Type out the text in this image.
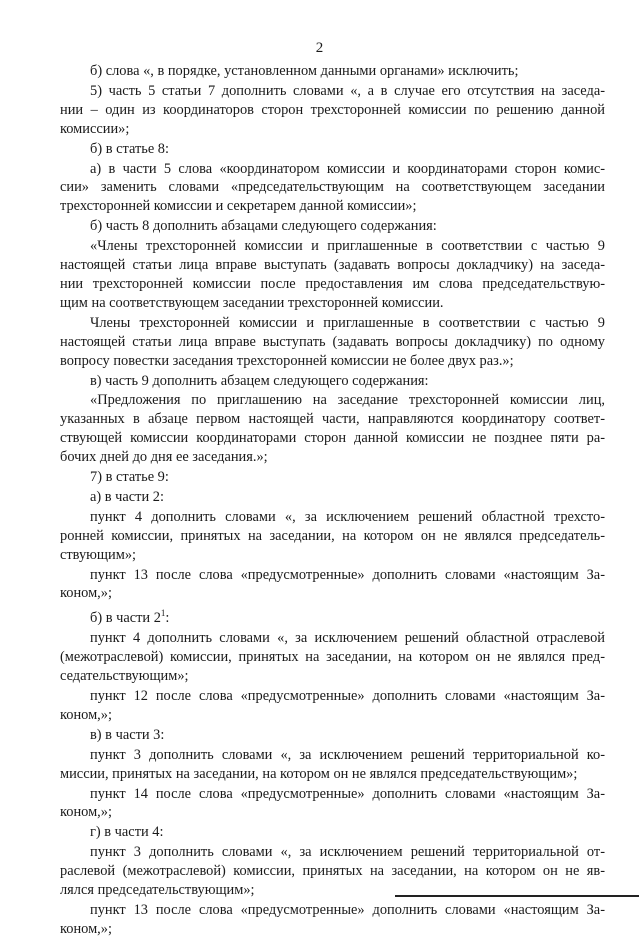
2
б) слова «, в порядке, установленном данными органами» исключить;
5) часть 5 статьи 7 дополнить словами «, а в случае его отсутствия на заседа-
нии – один из координаторов сторон трехсторонней комиссии по решению данной
комиссии»;
б) в статье 8:
а) в части 5 слова «координатором комиссии и координаторами сторон комис-
сии» заменить словами «председательствующим на соответствующем заседании
трехсторонней комиссии и секретарем данной комиссии»;
б) часть 8 дополнить абзацами следующего содержания:
«Члены трехсторонней комиссии и приглашенные в соответствии с частью 9
настоящей статьи лица вправе выступать (задавать вопросы докладчику) на заседа-
нии трехсторонней комиссии после предоставления им слова председательствую-
щим на соответствующем заседании трехсторонней комиссии.
Члены трехсторонней комиссии и приглашенные в соответствии с частью 9
настоящей статьи лица вправе выступать (задавать вопросы докладчику) по одному
вопросу повестки заседания трехсторонней комиссии не более двух раз.»;
в) часть 9 дополнить абзацем следующего содержания:
«Предложения по приглашению на заседание трехсторонней комиссии лиц,
указанных в абзаце первом настоящей части, направляются координатору соответ-
ствующей комиссии координаторами сторон данной комиссии не позднее пяти ра-
бочих дней до дня ее заседания.»;
7) в статье 9:
а) в части 2:
пункт 4 дополнить словами «, за исключением решений областной трехсто-
ронней комиссии, принятых на заседании, на котором он не являлся председатель-
ствующим»;
пункт 13 после слова «предусмотренные» дополнить словами «настоящим За-
коном,»;
б) в части $2^1$:
пункт 4 дополнить словами «, за исключением решений областной отраслевой
(межотраслевой) комиссии, принятых на заседании, на котором он не являлся пред-
седательствующим»;
пункт 12 после слова «предусмотренные» дополнить словами «настоящим За-
коном,»;
в) в части 3:
пункт 3 дополнить словами «, за исключением решений территориальной ко-
миссии, принятых на заседании, на котором он не являлся председательствующим»;
пункт 14 после слова «предусмотренные» дополнить словами «настоящим За-
коном,»;
г) в части 4:
пункт 3 дополнить словами «, за исключением решений территориальной от-
раслевой (межотраслевой) комиссии, принятых на заседании, на котором он не яв-
лялся председательствующим»;
пункт 13 после слова «предусмотренные» дополнить словами «настоящим За-
коном,»;
